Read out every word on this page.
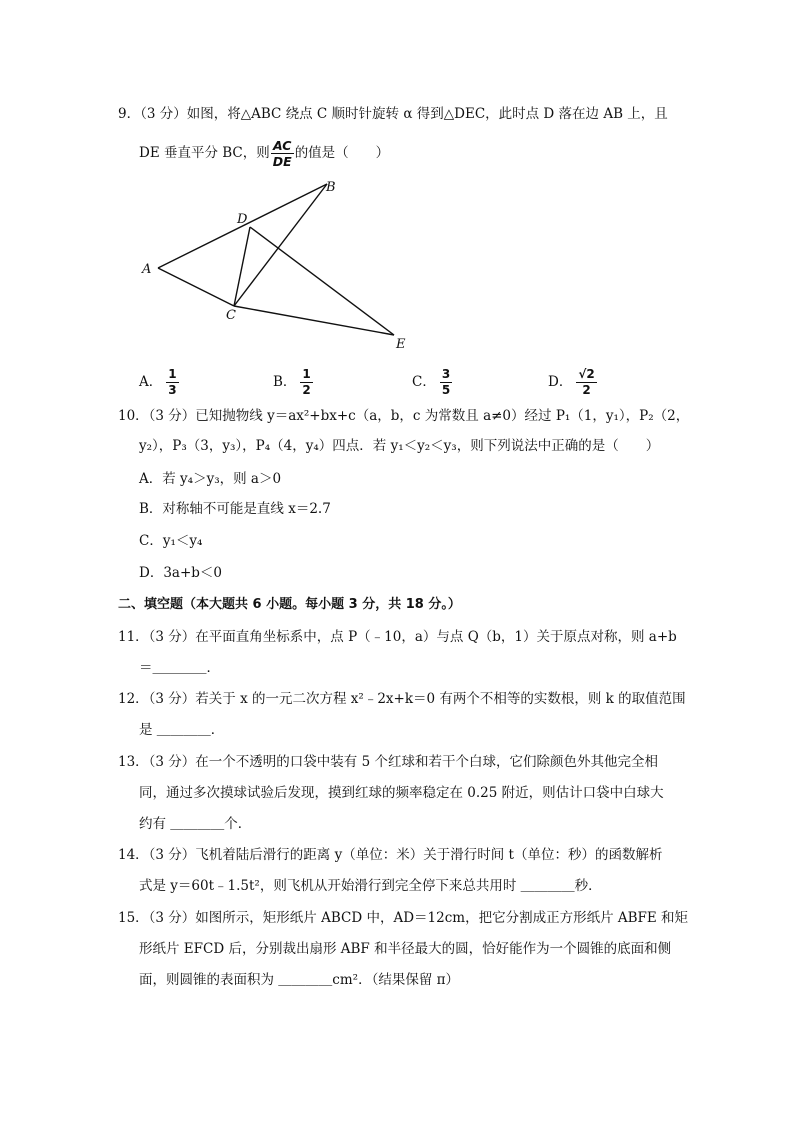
9．（3 分）如图，将△ABC 绕点 C 顺时针旋转 α 得到△DEC，此时点 D 落在边 AB 上，且
DE 垂直平分 BC，则 $\frac{AC}{DE}$ 的值是（　　）
A
B
C
D
E
A． $\frac{1}{3}$	B． $\frac{1}{2}$	C． $\frac{3}{5}$	D． $\frac{√2}{2}$
10．（3 分）已知抛物线 y＝ax²+bx+c（a，b，c 为常数且 a≠0）经过 P₁（1，y₁），P₂（2，
y₂），P₃（3，y₃），P₄（4，y₄）四点．若 y₁＜y₂＜y₃，则下列说法中正确的是（　　）
A．若 y₄＞y₃，则 a＞0
B．对称轴不可能是直线 x＝2.7
C．y₁＜y₄
D．3a+b＜0
二、填空题（本大题共 6 小题。每小题 3 分，共 18 分。）
11．（3 分）在平面直角坐标系中，点 P（﹣10，a）与点 Q（b，1）关于原点对称，则 a+b
＝＿＿＿＿．
12．（3 分）若关于 x 的一元二次方程 x²﹣2x+k＝0 有两个不相等的实数根，则 k 的取值范围
是 ＿＿＿＿．
13．（3 分）在一个不透明的口袋中装有 5 个红球和若干个白球，它们除颜色外其他完全相
同，通过多次摸球试验后发现，摸到红球的频率稳定在 0.25 附近，则估计口袋中白球大
约有 ＿＿＿＿个．
14．（3 分）飞机着陆后滑行的距离 y（单位：米）关于滑行时间 t（单位：秒）的函数解析
式是 y＝60t﹣1.5t²，则飞机从开始滑行到完全停下来总共用时 ＿＿＿＿秒．
15．（3 分）如图所示，矩形纸片 ABCD 中，AD＝12cm，把它分割成正方形纸片 ABFE 和矩
形纸片 EFCD 后，分别裁出扇形 ABF 和半径最大的圆，恰好能作为一个圆锥的底面和侧
面，则圆锥的表面积为 ＿＿＿＿cm²．（结果保留 π）
